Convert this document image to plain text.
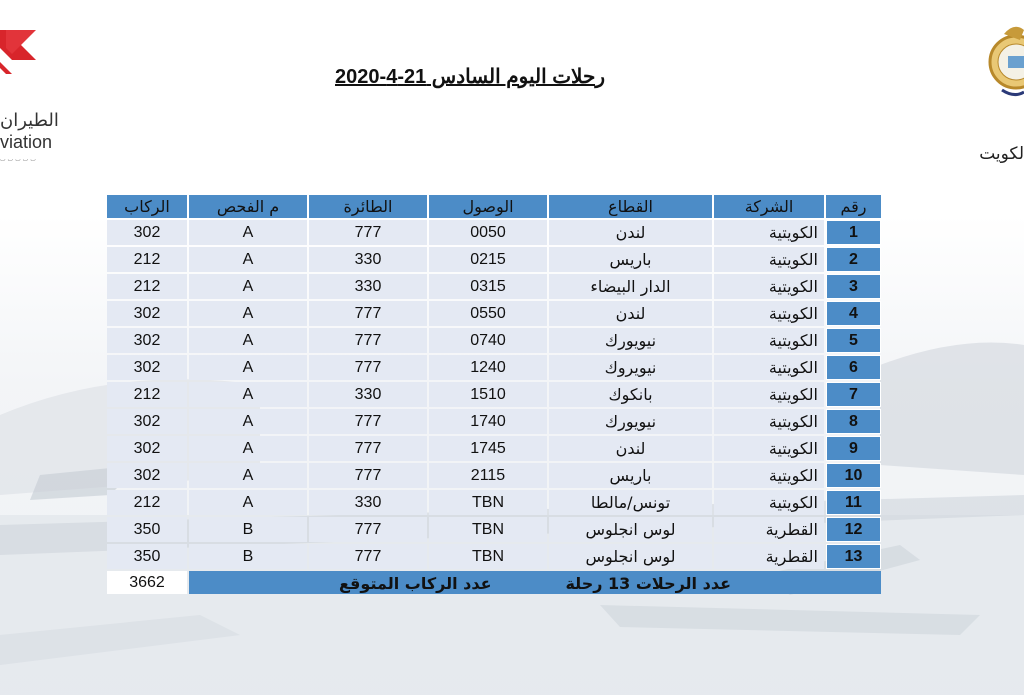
الطيران
viation
ٮ ٮ ٮ ٮ ٮ	لكويت
رحلات اليوم السادس 21-4-2020
الركاب	م الفحص	الطائرة	الوصول	القطاع	الشركة	رقم
302	A	777	0050	لندن	الكويتية	1
212	A	330	0215	باريس	الكويتية	2
212	A	330	0315	الدار البيضاء	الكويتية	3
302	A	777	0550	لندن	الكويتية	4
302	A	777	0740	نيويورك	الكويتية	5
302	A	777	1240	نيويروك	الكويتية	6
212	A	330	1510	بانكوك	الكويتية	7
302	A	777	1740	نيويورك	الكويتية	8
302	A	777	1745	لندن	الكويتية	9
302	A	777	2115	باريس	الكويتية	10
212	A	330	TBN	تونس/مالطا	الكويتية	11
350	B	777	TBN	لوس انجلوس	القطرية	12
350	B	777	TBN	لوس انجلوس	القطرية	13
3662	عدد الركاب المتوقع عدد الرحلات 13 رحلة					
